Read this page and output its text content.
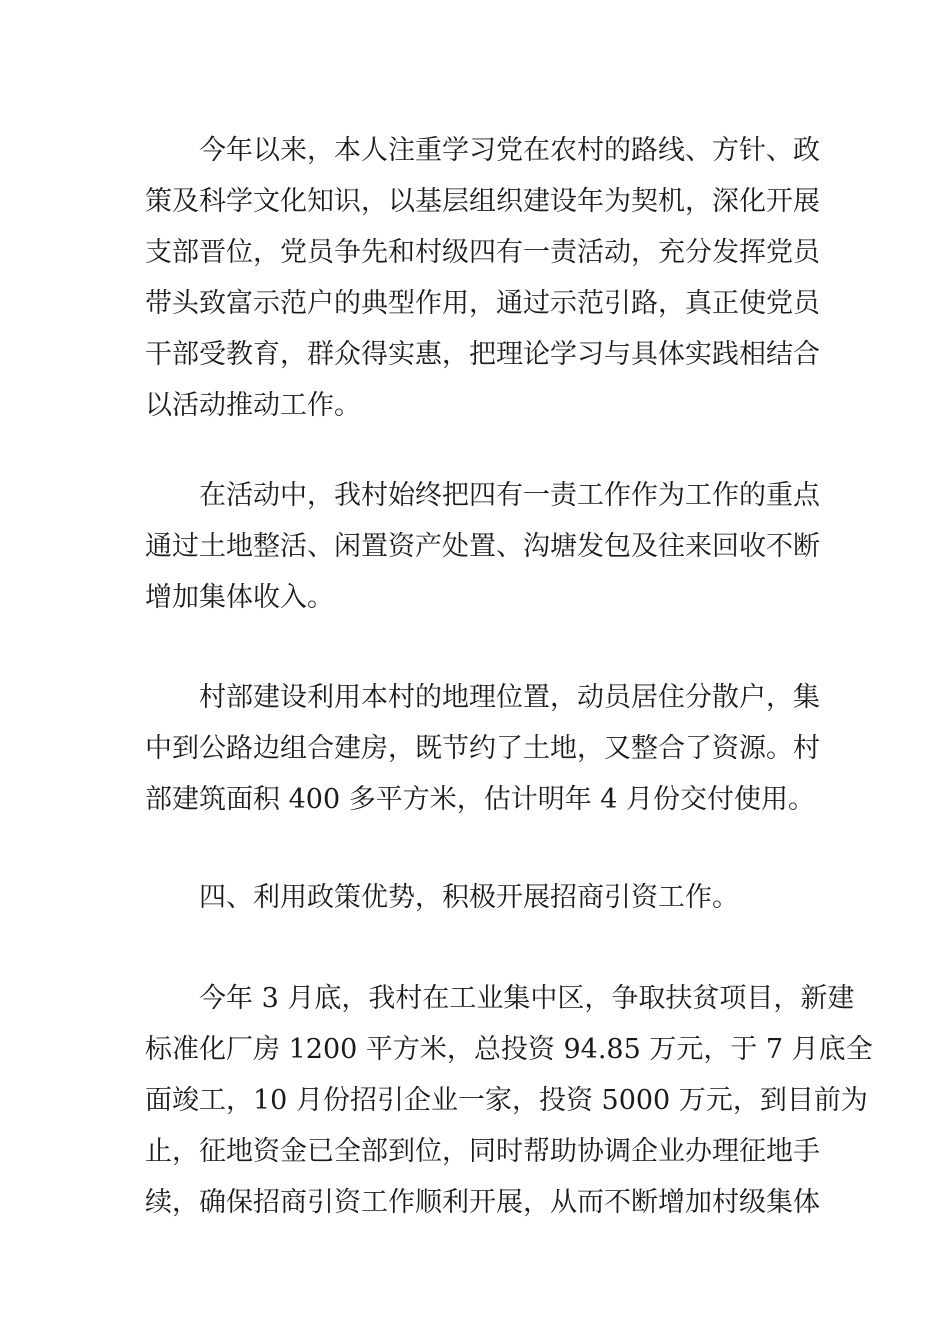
今年以来，本人注重学习党在农村的路线、方针、政
策及科学文化知识，以基层组织建设年为契机，深化开展
支部晋位，党员争先和村级四有一责活动，充分发挥党员
带头致富示范户的典型作用，通过示范引路，真正使党员
干部受教育，群众得实惠，把理论学习与具体实践相结合
以活动推动工作。
在活动中，我村始终把四有一责工作作为工作的重点
通过土地整活、闲置资产处置、沟塘发包及往来回收不断
增加集体收入。
村部建设利用本村的地理位置，动员居住分散户，集
中到公路边组合建房，既节约了土地，又整合了资源。村
部建筑面积 400 多平方米，估计明年 4 月份交付使用。
四、利用政策优势，积极开展招商引资工作。
今年 3 月底，我村在工业集中区，争取扶贫项目，新建
标准化厂房 1200 平方米，总投资 94.85 万元，于 7 月底全
面竣工，10 月份招引企业一家，投资 5000 万元，到目前为
止，征地资金已全部到位，同时帮助协调企业办理征地手
续，确保招商引资工作顺利开展，从而不断增加村级集体
